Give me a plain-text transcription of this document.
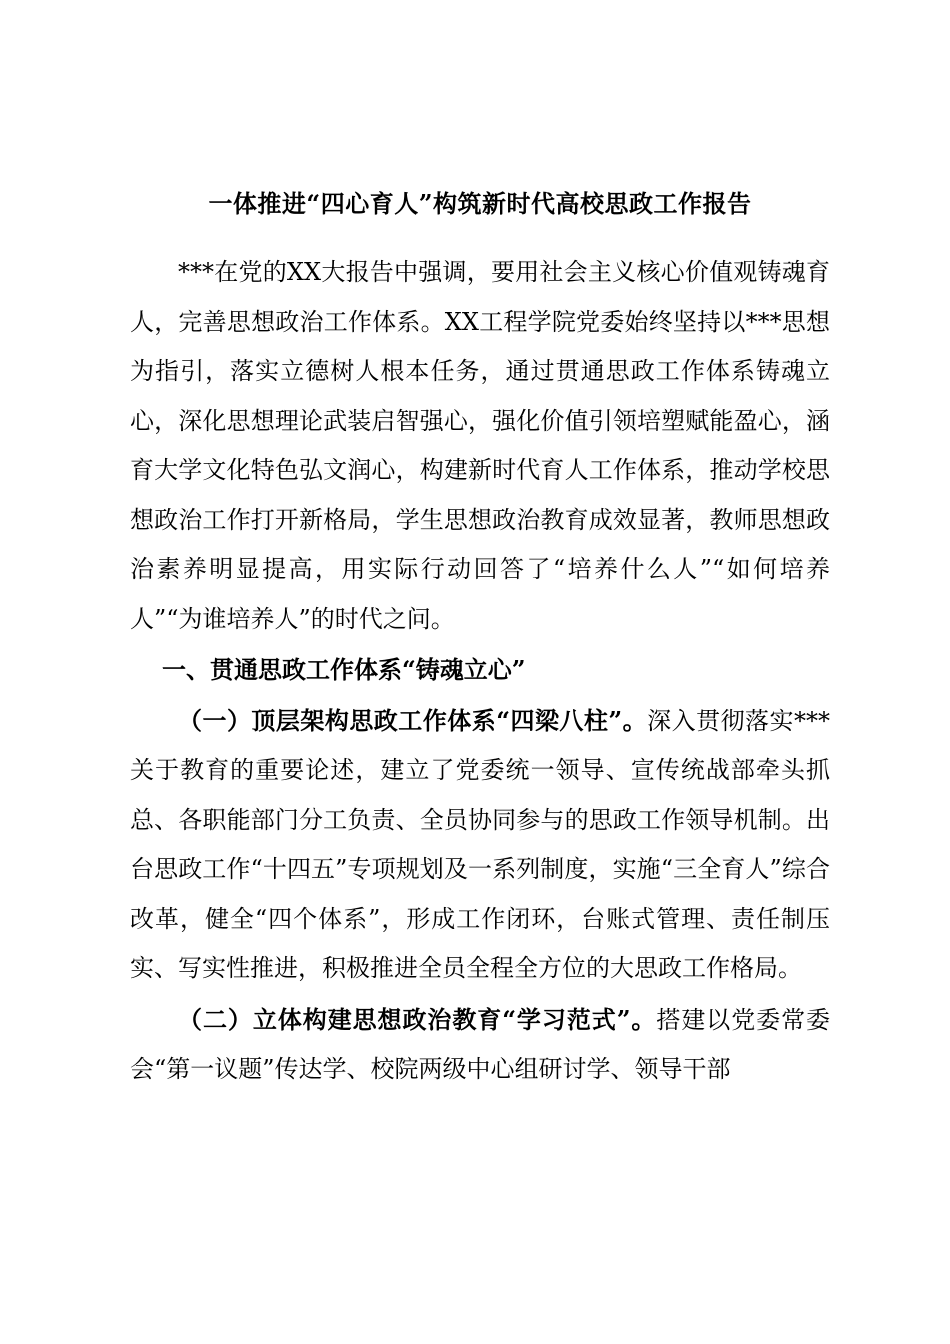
一体推进“四心育人”构筑新时代高校思政工作报告

***在党的XX大报告中强调，要用社会主义核心价值观铸魂育人，完善思想政治工作体系。XX工程学院党委始终坚持以***思想为指引，落实立德树人根本任务，通过贯通思政工作体系铸魂立心，深化思想理论武装启智强心，强化价值引领培塑赋能盈心，涵育大学文化特色弘文润心，构建新时代育人工作体系，推动学校思想政治工作打开新格局，学生思想政治教育成效显著，教师思想政治素养明显提高，用实际行动回答了“培养什么人”“如何培养人”“为谁培养人”的时代之问。

一、贯通思政工作体系“铸魂立心”

（一）顶层架构思政工作体系“四梁八柱”。深入贯彻落实***关于教育的重要论述，建立了党委统一领导、宣传统战部牵头抓总、各职能部门分工负责、全员协同参与的思政工作领导机制。出台思政工作“十四五”专项规划及一系列制度，实施“三全育人”综合改革，健全“四个体系”，形成工作闭环，台账式管理、责任制压实、写实性推进，积极推进全员全程全方位的大思政工作格局。

（二）立体构建思想政治教育“学习范式”。搭建以党委常委会“第一议题”传达学、校院两级中心组研讨学、领导干部
